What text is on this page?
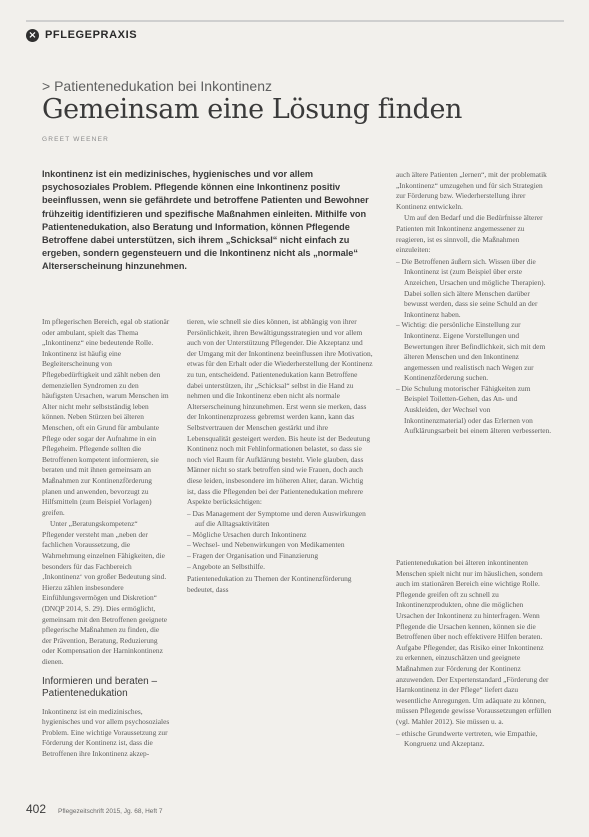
× PFLEGEPRAXIS
> Patientenedukation bei Inkontinenz
Gemeinsam eine Lösung finden
GREET WEENER

Inkontinenz ist ein medizinisches, hygienisches und vor allem psychosoziales Problem. Pflegende können eine Inkontinenz positiv beeinflussen, wenn sie gefährdete und betroffene Patienten und Bewohner frühzeitig identifizieren und spezifische Maßnahmen einleiten. Mithilfe von Patientenedukation, also Beratung und Information, können Pflegende Betroffene dabei unterstützen, sich ihrem „Schicksal“ nicht einfach zu ergeben, sondern gegensteuern und die Inkontinenz nicht als „normale“ Alterserscheinung hinzunehmen.

Im pflegerischen Bereich, egal ob stationär oder ambulant, spielt das Thema „Inkontinenz“ eine bedeutende Rolle. Inkontinenz ist häufig eine Begleiterscheinung von Pflegebedürftigkeit und zählt neben den demenziellen Syndromen zu den häufigsten Ursachen, warum Menschen im Alter nicht mehr selbstständig leben können. Neben Stürzen bei älteren Menschen, oft ein Grund für ambulante Pflege oder sogar der Aufnahme in ein Pflegeheim. Pflegende sollten die Betroffenen kompetent informieren, sie beraten und mit ihnen gemeinsam an Maßnahmen zur Kontinenzförderung planen und anwenden, bevorzugt zu Hilfsmitteln (zum Beispiel Vorlagen) greifen.

Unter „Beratungskompetenz“ Pflegender versteht man „neben der fachlichen Voraussetzung, die Wahrnehmung einzelnen Fähigkeiten, die besonders für das Fachbereich ‚Inkontinenz‘ von großer Bedeutung sind. Hierzu zählen insbesondere Einfühlungsvermögen und Diskretion“ (DNQP 2014, S. 29). Dies ermöglicht, gemeinsam mit den Betroffenen geeignete pflegerische Maßnahmen zu finden, die der Prävention, Beratung, Reduzierung oder Kompensation der Harninkontinenz dienen.

Informieren und beraten – Patientenedukation

Inkontinenz ist ein medizinisches, hygienisches und vor allem psychosoziales Problem. Eine wichtige Voraussetzung zur Förderung der Kontinenz ist, dass die Betroffenen ihre Inkontinenz akzep-

tieren, wie schnell sie dies können, ist abhängig von ihrer Persönlichkeit, ihren Bewältigungsstrategien und vor allem auch von der Unterstützung Pflegender. Die Akzeptanz und der Umgang mit der Inkontinenz beeinflussen ihre Motivation, etwas für den Erhalt oder die Wiederherstellung der Kontinenz zu tun, entscheidend. Patientenedukation kann Betroffene dabei unterstützen, ihr „Schicksal“ selbst in die Hand zu nehmen und die Inkontinenz eben nicht als normale Alterserscheinung hinzunehmen. Erst wenn sie merken, dass der Inkontinenzprozess gebremst werden kann, kann das Selbstvertrauen der Menschen gestärkt und ihre Lebensqualität gesteigert werden. Bis heute ist der Bedeutung Kontinenz noch mit Fehlinformationen belastet, so dass sie noch viel Raum für Aufklärung besteht. Viele glauben, dass Männer nicht so stark betroffen sind wie Frauen, doch auch diese leiden, insbesondere im höheren Alter, daran. Wichtig ist, dass die Pflegenden bei der Patientenedukation mehrere Aspekte berücksichtigen:

– Das Management der Symptome und deren Auswirkungen auf die Alltagsaktivitäten
– Mögliche Ursachen durch Inkontinenz
– Wechsel- und Nebenwirkungen von Medikamenten
– Fragen der Organisation und Finanzierung
– Angebote an Selbsthilfe.

Patientenedukation zu Themen der Kontinenzförderung bedeutet, dass

auch ältere Patienten „lernen“, mit der problematik „Inkontinenz“ umzugehen und für sich Strategien zur Förderung bzw. Wiederherstellung ihrer Kontinenz entwickeln.

Um auf den Bedarf und die Bedürfnisse älterer Patienten mit Inkontinenz angemessener zu reagieren, ist es sinnvoll, die Maßnahmen einzuleiten:

– Die Betroffenen äußern sich. Wissen über die Inkontinenz ist (zum Beispiel über erste Anzeichen, Ursachen und mögliche Therapien). Dabei sollen sich ältere Menschen darüber bewusst werden, dass sie seine Schuld an der Inkontinenz haben.
– Wichtig: die persönliche Einstellung zur Inkontinenz. Eigene Vorstellungen und Bewertungen ihrer Befindlichkeit, sich mit dem älteren Menschen und den Inkontinenz angemessen und realistisch nach Wegen zur Kontinenzförderung suchen.
– Die Schulung motorischer Fähigkeiten zum Beispiel Toiletten-Gehen, das An- und Auskleiden, der Wechsel von Inkontinenzmaterial) oder das Erlernen von Aufklärungsarbeit bei einem älteren verbesserten.

Patientenedukation bei älteren inkontinenten Menschen spielt nicht nur im häuslichen, sondern auch im stationären Bereich eine wichtige Rolle. Pflegende greifen oft zu schnell zu Inkontinenzprodukten, ohne die möglichen Ursachen der Inkontinenz zu hinterfragen. Wenn Pflegende die Ursachen kennen, können sie die Betroffenen über noch effektivere Hilfen beraten. Aufgabe Pflegender, das Risiko einer Inkontinenz zu erkennen, einzuschätzen und geeignete Maßnahmen zur Förderung der Kontinenz anzuwenden. Der Expertenstandard „Förderung der Harnkontinenz in der Pflege“ liefert dazu wesentliche Anregungen. Um adäquate zu können, müssen Pflegende gewisse Voraussetzungen erfüllen (vgl. Mahler 2012). Sie müssen u. a.

– ethische Grundwerte vertreten, wie Empathie, Kongruenz und Akzeptanz.
402 Pflegezeitschrift 2015, Jg. 68, Heft 7
